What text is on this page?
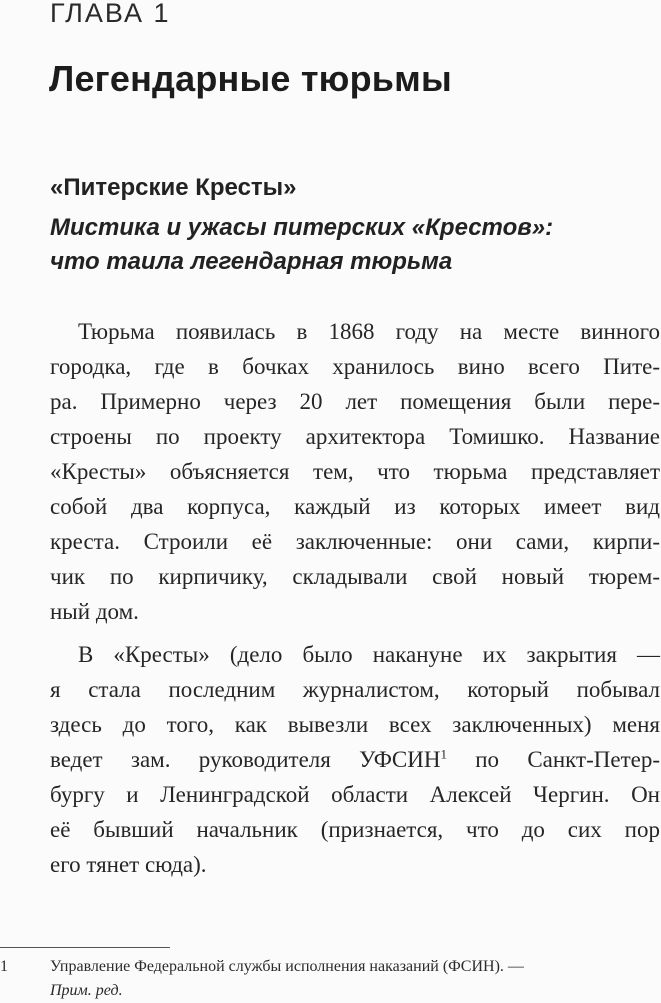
ГЛАВА 1
Легендарные тюрьмы
«Питерские Кресты»
Мистика и ужасы питерских «Крестов»:
что таила легендарная тюрьма
Тюрьма появилась в 1868 году на месте винного
городка, где в бочках хранилось вино всего Пите-
ра. Примерно через 20 лет помещения были пере-
строены по проекту архитектора Томишко. Название
«Кресты» объясняется тем, что тюрьма представляет
собой два корпуса, каждый из которых имеет вид
креста. Строили её заключенные: они сами, кирпи-
чик по кирпичику, складывали свой новый тюрем-
ный дом.
В «Кресты» (дело было накануне их закрытия —
я стала последним журналистом, который побывал
здесь до того, как вывезли всех заключенных) меня
ведет зам. руководителя УФСИН$^1$ по Санкт-Петер-
бургу и Ленинградской области Алексей Чергин. Он
её бывший начальник (признается, что до сих пор
его тянет сюда).
1	Управление Федеральной службы исполнения наказаний (ФСИН). —
Прим. ред.
